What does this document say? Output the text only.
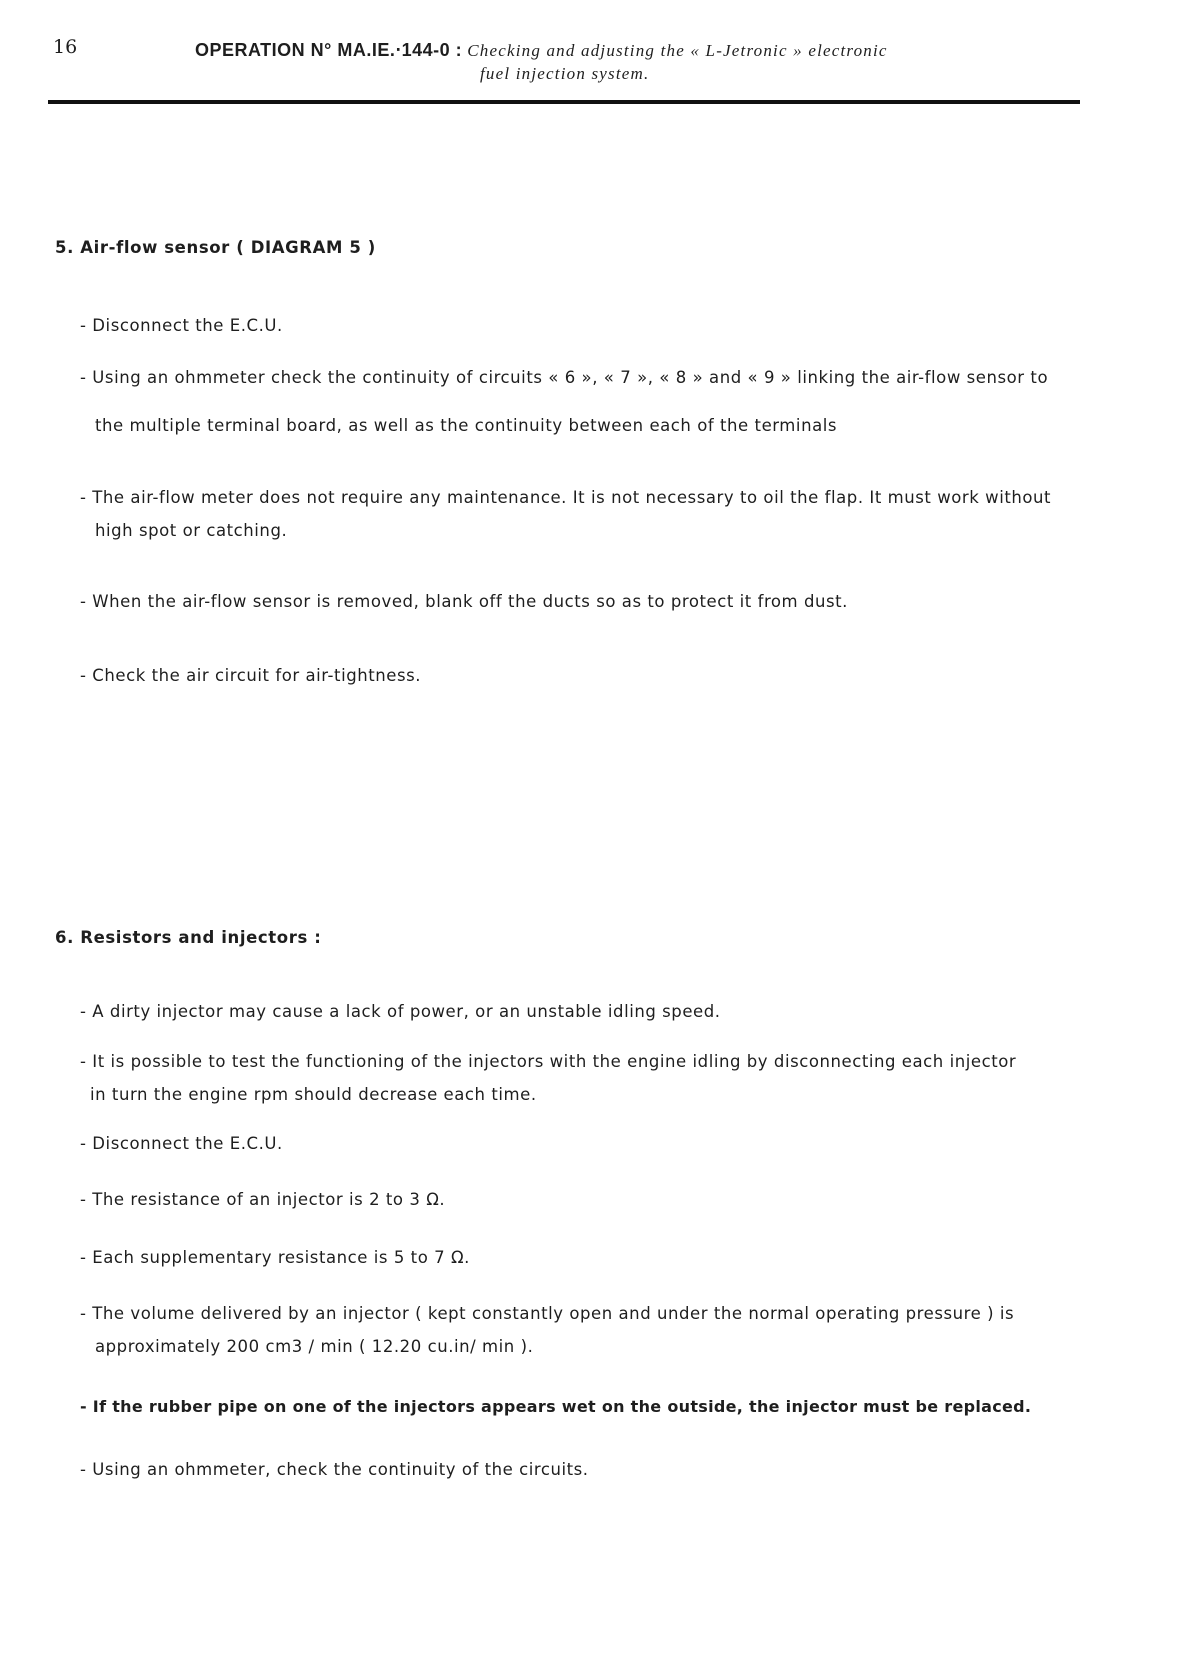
16	OPERATION N° MA.IE.‧144-0 : Checking and adjusting the « L-Jetronic » electronic
fuel injection system.
5. Air-flow sensor ( DIAGRAM 5 )
- Disconnect the E.C.U.
- Using an ohmmeter check the continuity of circuits « 6 », « 7 », « 8 » and « 9 » linking the air-flow sensor to
the multiple terminal board, as well as the continuity between each of the terminals
- The air-flow meter does not require any maintenance. It is not necessary to oil the flap. It must work without
high spot or catching.
- When the air-flow sensor is removed, blank off the ducts so as to protect it from dust.
- Check the air circuit for air-tightness.
6. Resistors and injectors :
- A dirty injector may cause a lack of power, or an unstable idling speed.
- It is possible to test the functioning of the injectors with the engine idling by disconnecting each injector
in turn the engine rpm should decrease each time.
- Disconnect the E.C.U.
- The resistance of an injector is 2 to 3 Ω.
- Each supplementary resistance is 5 to 7 Ω.
- The volume delivered by an injector ( kept constantly open and under the normal operating pressure ) is
approximately 200 cm3 / min ( 12.20 cu.in/ min ).
- If the rubber pipe on one of the injectors appears wet on the outside, the injector must be replaced.
- Using an ohmmeter, check the continuity of the circuits.
